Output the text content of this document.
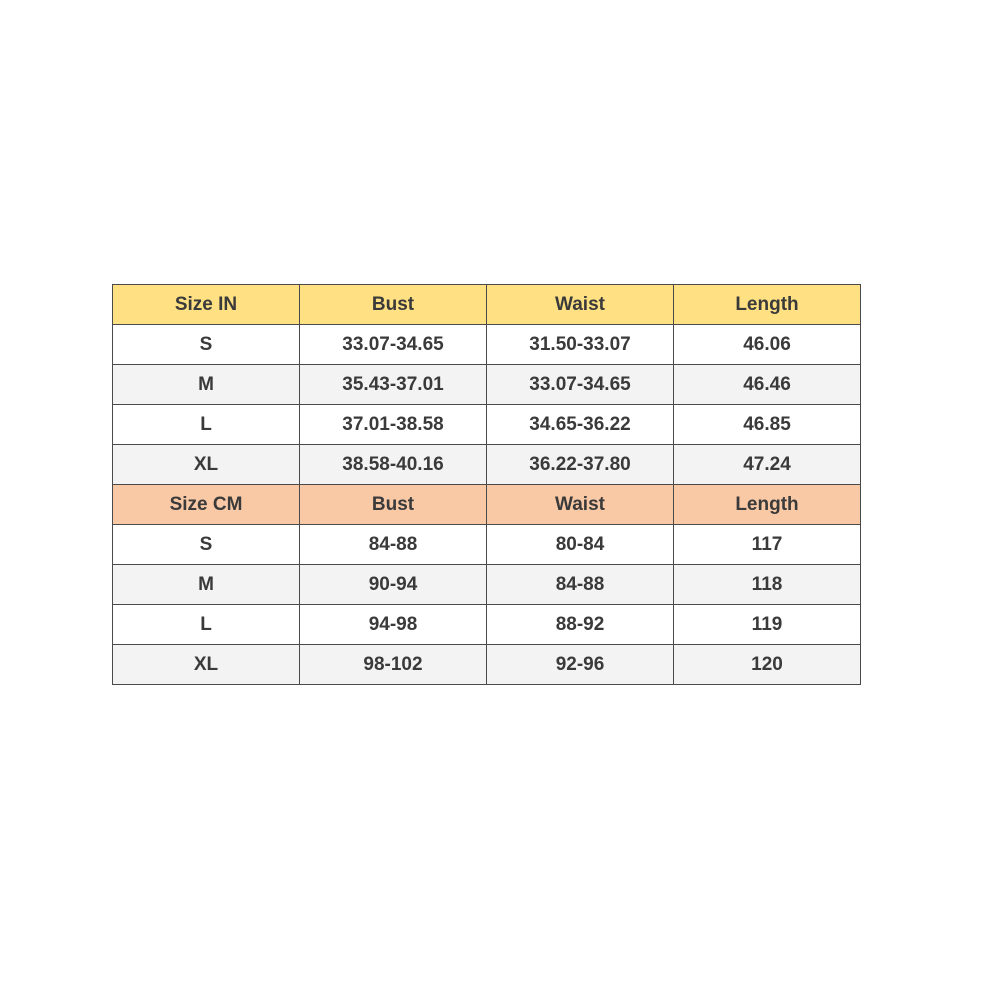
Size IN	Bust	Waist	Length
S	33.07-34.65	31.50-33.07	46.06
M	35.43-37.01	33.07-34.65	46.46
L	37.01-38.58	34.65-36.22	46.85
XL	38.58-40.16	36.22-37.80	47.24
Size CM	Bust	Waist	Length
S	84-88	80-84	117
M	90-94	84-88	118
L	94-98	88-92	119
XL	98-102	92-96	120
